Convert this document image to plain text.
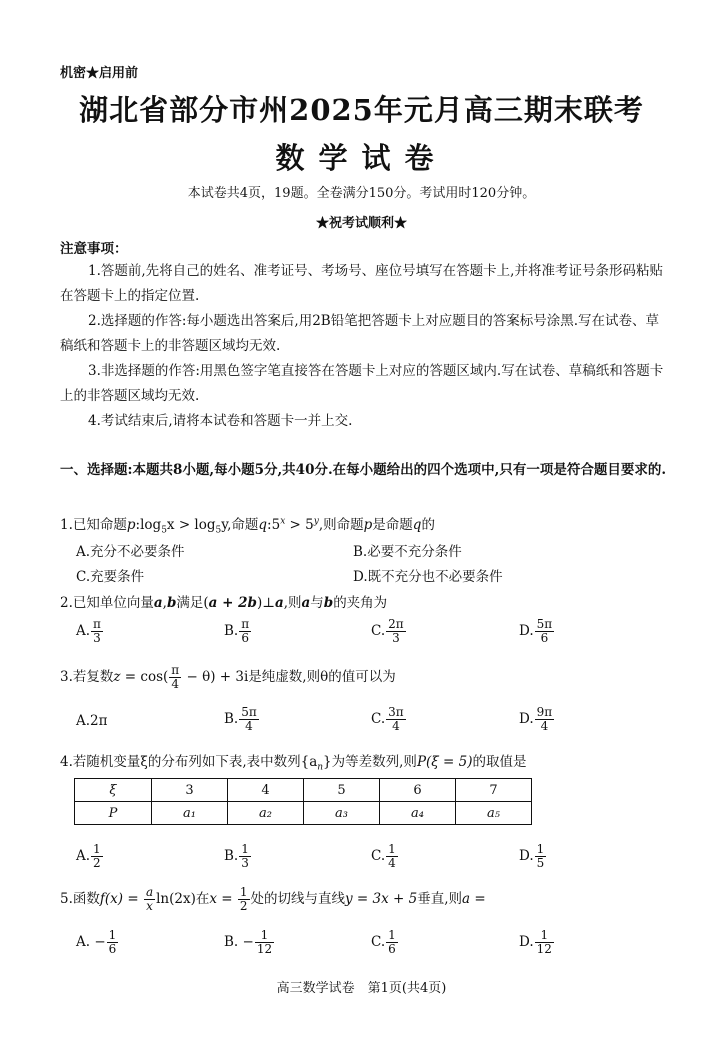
机密★启用前
湖北省部分市州2025年元月高三期末联考
数学试卷
本试卷共4页，19题。全卷满分150分。考试用时120分钟。
★祝考试顺利★
注意事项：
1.答题前,先将自己的姓名、准考证号、考场号、座位号填写在答题卡上,并将准考证号条形码粘贴在答题卡上的指定位置.
2.选择题的作答:每小题选出答案后,用2B铅笔把答题卡上对应题目的答案标号涂黑.写在试卷、草稿纸和答题卡上的非答题区域均无效.
3.非选择题的作答:用黑色签字笔直接答在答题卡上对应的答题区域内.写在试卷、草稿纸和答题卡上的非答题区域均无效.
4.考试结束后,请将本试卷和答题卡一并上交.
一、选择题:本题共8小题,每小题5分,共40分.在每小题给出的四个选项中,只有一项是符合题目要求的.
1.已知命题$p:\log_5x > \log_5y$,命题$q:5^x > 5^y$,则命题p是命题q的
A.充分不必要条件	B.必要不充分条件
C.充要条件	D.既不充分也不必要条件
2.已知单位向量a,b满足(a + 2b)⊥a,则a与b的夹角为
A. $\frac{\pi}{3}$	B. $\frac{\pi}{6}$	C. $\frac{2\pi}{3}$	D. $\frac{5\pi}{6}$
3.若复数$z = \cos( \frac{\pi}{4} - \theta) + 3i$是纯虚数,则θ的值可以为
A.2π	B. $\frac{5\pi}{4}$	C. $\frac{3\pi}{4}$	D. $\frac{9\pi}{4}$
4.若随机变量ξ的分布列如下表,表中数列$\{a_n\}$为等差数列,则P(ξ = 5)的取值是
ξ	3	4	5	6	7
P	a₁	a₂	a₃	a₄	a₅
A. $\frac{1}{2}$	B. $\frac{1}{3}$	C. $\frac{1}{4}$	D. $\frac{1}{5}$
5.函数$f(x) = \frac{a}{x} \ln(2x)$在$x = \frac{1}{2}$ 处的切线与直线y = 3x + 5垂直,则a =
A. − $\frac{1}{6}$	B. − $\frac{1}{12}$	C. $\frac{1}{6}$	D. $\frac{1}{12}$
高三数学试卷　第1页(共4页)
